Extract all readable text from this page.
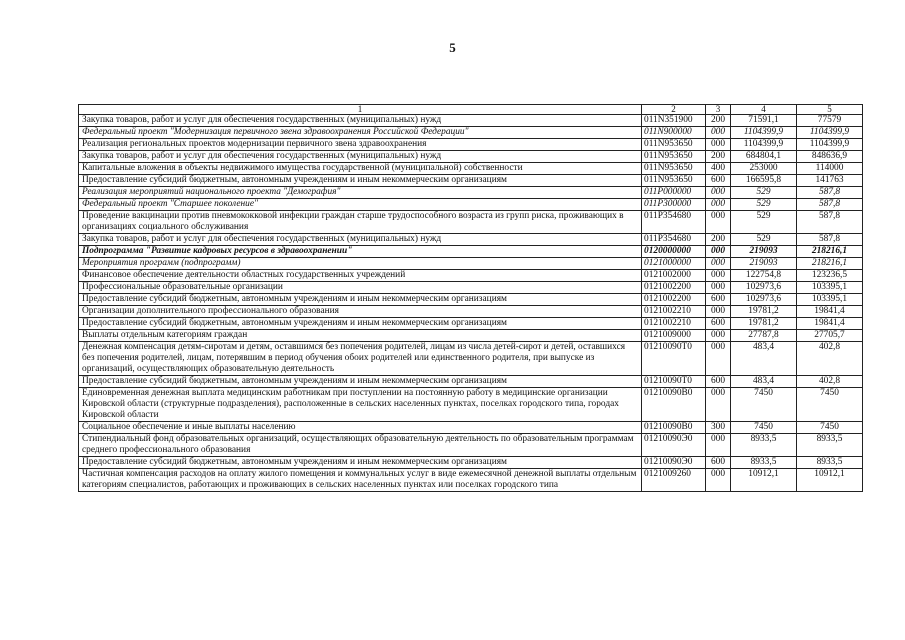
5
1	2	3	4	5
Закупка товаров, работ и услуг для обеспечения государственных (муниципальных) нужд	011N351900	200	71591,1	77579
Федеральный проект "Модернизация первичного звена здравоохранения Российской Федерации"	011N900000	000	1104399,9	1104399,9
Реализация региональных проектов модернизации первичного звена здравоохранения	011N953650	000	1104399,9	1104399,9
Закупка товаров, работ и услуг для обеспечения государственных (муниципальных) нужд	011N953650	200	684804,1	848636,9
Капитальные вложения в объекты недвижимого имущества государственной (муниципальной) собственности	011N953650	400	253000	114000
Предоставление субсидий бюджетным, автономным учреждениям и иным некоммерческим организациям	011N953650	600	166595,8	141763
Реализация мероприятий национального проекта "Демография"	011P000000	000	529	587,8
Федеральный проект "Старшее поколение"	011P300000	000	529	587,8
Проведение вакцинации против пневмококковой инфекции граждан старше трудоспособного возраста из групп риска, проживающих в организациях социального обслуживания	011P354680	000	529	587,8
Закупка товаров, работ и услуг для обеспечения государственных (муниципальных) нужд	011P354680	200	529	587,8
Подпрограмма "Развитие кадровых ресурсов в здравоохранении"	0120000000	000	219093	218216,1
Мероприятия программ (подпрограмм)	0121000000	000	219093	218216,1
Финансовое обеспечение деятельности областных государственных учреждений	0121002000	000	122754,8	123236,5
Профессиональные образовательные организации	0121002200	000	102973,6	103395,1
Предоставление субсидий бюджетным, автономным учреждениям и иным некоммерческим организациям	0121002200	600	102973,6	103395,1
Организации дополнительного профессионального образования	0121002210	000	19781,2	19841,4
Предоставление субсидий бюджетным, автономным учреждениям и иным некоммерческим организациям	0121002210	600	19781,2	19841,4
Выплаты отдельным категориям граждан	0121009000	000	27787,8	27705,7
Денежная компенсация детям-сиротам и детям, оставшимся без попечения родителей, лицам из числа детей-сирот и детей, оставшихся без попечения родителей, лицам, потерявшим в период обучения обоих родителей или единственного родителя, при выпуске из организаций, осуществляющих образовательную деятельность	01210090Т0	000	483,4	402,8
Предоставление субсидий бюджетным, автономным учреждениям и иным некоммерческим организациям	01210090Т0	600	483,4	402,8
Единовременная денежная выплата медицинским работникам при поступлении на постоянную работу в медицинские организации Кировской области (структурные подразделения), расположенные в сельских населенных пунктах, поселках городского типа, городах Кировской области	01210090В0	000	7450	7450
Социальное обеспечение и иные выплаты населению	01210090В0	300	7450	7450
Стипендиальный фонд образовательных организаций, осуществляющих образовательную деятельность по образовательным программам среднего профессионального образования	01210090Э0	000	8933,5	8933,5
Предоставление субсидий бюджетным, автономным учреждениям и иным некоммерческим организациям	01210090Э0	600	8933,5	8933,5
Частичная компенсация расходов на оплату жилого помещения и коммунальных услуг в виде ежемесячной денежной выплаты отдельным категориям специалистов, работающих и проживающих в сельских населенных пунктах или поселках городского типа	0121009260	000	10912,1	10912,1
